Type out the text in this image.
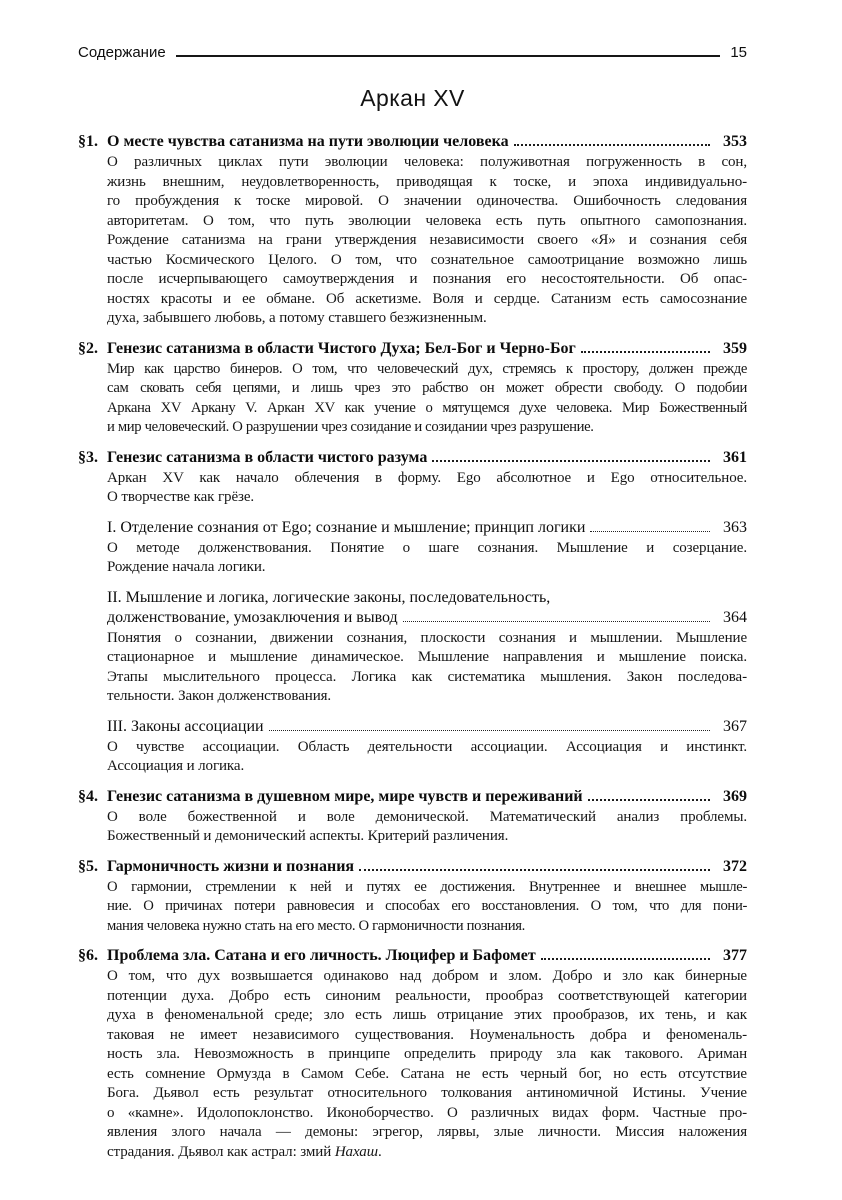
Содержание	15
Аркан XV
§1. О месте чувства сатанизма на пути эволюции человека	353
О различных циклах пути эволюции человека: полуживотная погруженность в сон,
жизнь внешним, неудовлетворенность, приводящая к тоске, и эпоха индивидуально-
го пробуждения к тоске мировой. О значении одиночества. Ошибочность следования
авторитетам. О том, что путь эволюции человека есть путь опытного самопознания.
Рождение сатанизма на грани утверждения независимости своего «Я» и сознания себя
частью Космического Целого. О том, что сознательное самоотрицание возможно лишь
после исчерпывающего самоутверждения и познания его несостоятельности. Об опас-
ностях красоты и ее обмане. Об аскетизме. Воля и сердце. Сатанизм есть самосознание
духа, забывшего любовь, а потому ставшего безжизненным.
§2. Генезис сатанизма в области Чистого Духа; Бел-Бог и Черно-Бог	359
Мир как царство бинеров. О том, что человеческий дух, стремясь к простору, должен прежде
сам сковать себя цепями, и лишь чрез это рабство он может обрести свободу. О подобии
Аркана XV Аркану V. Аркан XV как учение о мятущемся духе человека. Мир Божественный
и мир человеческий. О разрушении чрез созидание и созидании чрез разрушение.
§3. Генезис сатанизма в области чистого разума	361
Аркан XV как начало облечения в форму. Ego абсолютное и Ego относительное.
О творчестве как грёзе.
I. Отделение сознания от Ego; сознание и мышление; принцип логики	363
О методе долженствования. Понятие о шаге сознания. Мышление и созерцание.
Рождение начала логики.
II. Мышление и логика, логические законы, последовательность,
долженствование, умозаключения и вывод	364
Понятия о сознании, движении сознания, плоскости сознания и мышлении. Мышление
стационарное и мышление динамическое. Мышление направления и мышление поиска.
Этапы мыслительного процесса. Логика как систематика мышления. Закон последова-
тельности. Закон долженствования.
III. Законы ассоциации	367
О чувстве ассоциации. Область деятельности ассоциации. Ассоциация и инстинкт.
Ассоциация и логика.
§4. Генезис сатанизма в душевном мире, мире чувств и переживаний	369
О воле божественной и воле демонической. Математический анализ проблемы.
Божественный и демонический аспекты. Критерий различения.
§5. Гармоничность жизни и познания	372
О гармонии, стремлении к ней и путях ее достижения. Внутреннее и внешнее мышле-
ние. О причинах потери равновесия и способах его восстановления. О том, что для пони-
мания человека нужно стать на его место. О гармоничности познания.
§6. Проблема зла. Сатана и его личность. Люцифер и Бафомет	377
О том, что дух возвышается одинаково над добром и злом. Добро и зло как бинерные
потенции духа. Добро есть синоним реальности, прообраз соответствующей категории
духа в феноменальной среде; зло есть лишь отрицание этих прообразов, их тень, и как
таковая не имеет независимого существования. Ноуменальность добра и феноменаль-
ность зла. Невозможность в принципе определить природу зла как такового. Ариман
есть сомнение Ормузда в Самом Себе. Сатана не есть черный бог, но есть отсутствие
Бога. Дьявол есть результат относительного толкования антиномичной Истины. Учение
о «камне». Идолопоклонство. Иконоборчество. О различных видах форм. Частные про-
явления злого начала — демоны: эгрегор, лярвы, злые личности. Миссия наложения
страдания. Дьявол как астрал: змий Нахаш.
